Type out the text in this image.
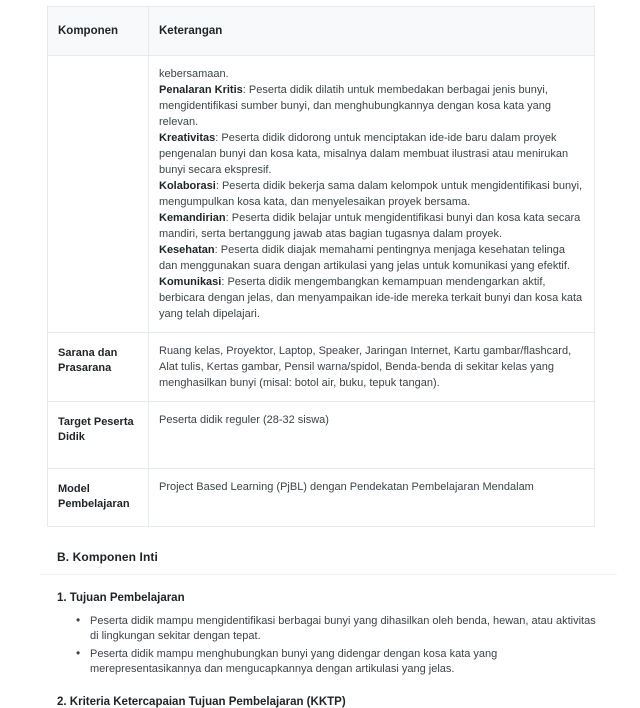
Komponen	Keterangan

kebersamaan.
Penalaran Kritis: Peserta didik dilatih untuk membedakan berbagai jenis bunyi, mengidentifikasi sumber bunyi, dan menghubungkannya dengan kosa kata yang relevan.
Kreativitas: Peserta didik didorong untuk menciptakan ide-ide baru dalam proyek pengenalan bunyi dan kosa kata, misalnya dalam membuat ilustrasi atau menirukan bunyi secara ekspresif.
Kolaborasi: Peserta didik bekerja sama dalam kelompok untuk mengidentifikasi bunyi, mengumpulkan kosa kata, dan menyelesaikan proyek bersama.
Kemandirian: Peserta didik belajar untuk mengidentifikasi bunyi dan kosa kata secara mandiri, serta bertanggung jawab atas bagian tugasnya dalam proyek.
Kesehatan: Peserta didik diajak memahami pentingnya menjaga kesehatan telinga dan menggunakan suara dengan artikulasi yang jelas untuk komunikasi yang efektif.
Komunikasi: Peserta didik mengembangkan kemampuan mendengarkan aktif, berbicara dengan jelas, dan menyampaikan ide-ide mereka terkait bunyi dan kosa kata yang telah dipelajari.

Sarana dan Prasarana	Ruang kelas, Proyektor, Laptop, Speaker, Jaringan Internet, Kartu gambar/flashcard, Alat tulis, Kertas gambar, Pensil warna/spidol, Benda-benda di sekitar kelas yang menghasilkan bunyi (misal: botol air, buku, tepuk tangan).
Target Peserta Didik	Peserta didik reguler (28-32 siswa)
Model Pembelajaran	Project Based Learning (PjBL) dengan Pendekatan Pembelajaran Mendalam
B. Komponen Inti
1. Tujuan Pembelajaran
• Peserta didik mampu mengidentifikasi berbagai bunyi yang dihasilkan oleh benda, hewan, atau aktivitas di lingkungan sekitar dengan tepat.
• Peserta didik mampu menghubungkan bunyi yang didengar dengan kosa kata yang merepresentasikannya dan mengucapkannya dengan artikulasi yang jelas.
2. Kriteria Ketercapaian Tujuan Pembelajaran (KKTP)
